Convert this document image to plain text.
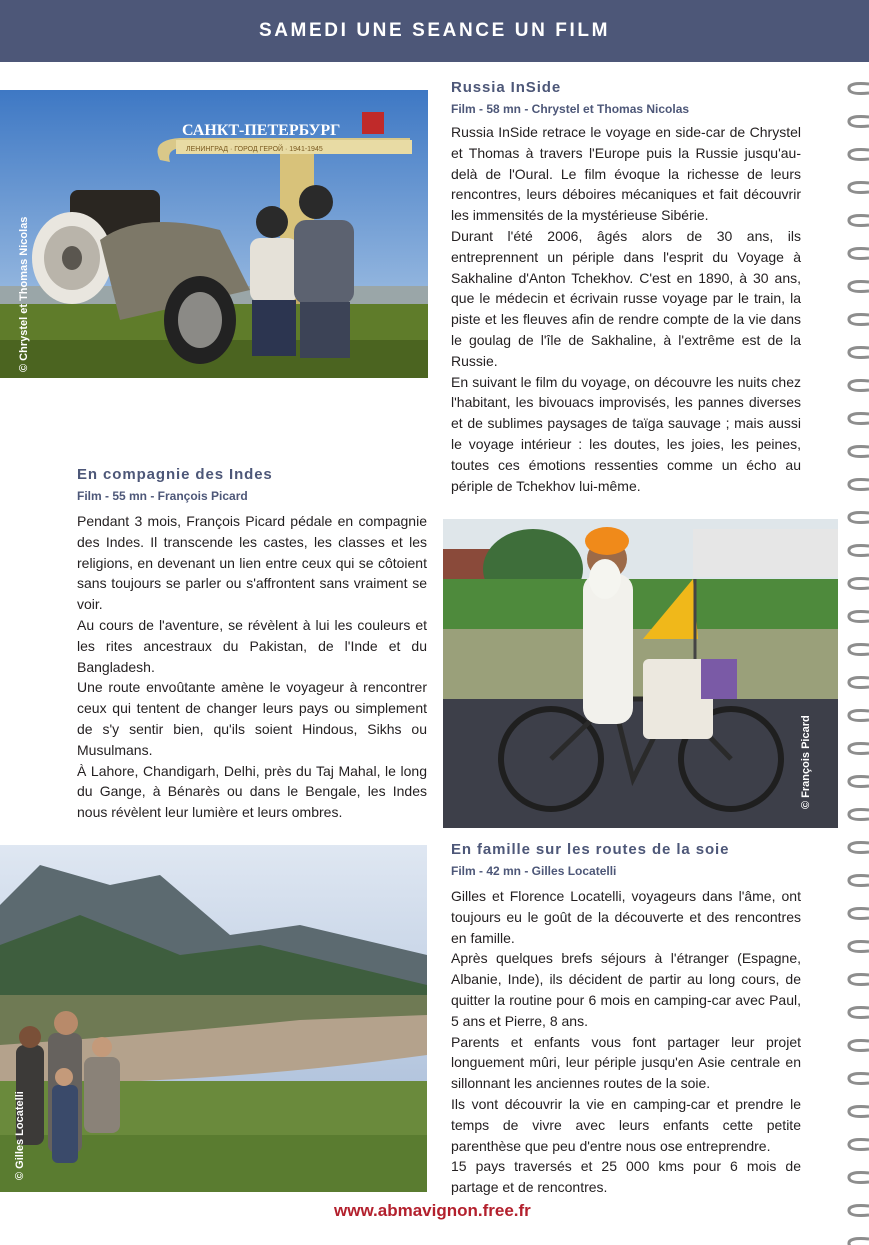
SAMEDI UNE SEANCE UN FILM
САНКТ-ПЕТЕРБУРГ
ЛЕНИНГРАД · ГОРОД ГЕРОЙ · 1941-1945
© Chrystel et Thomas Nicolas
Russia InSide
Film - 58 mn - Chrystel et Thomas Nicolas

Russia InSide retrace le voyage en side-car de Chrystel et Thomas à travers l'Europe puis la Russie jusqu'au-delà de l'Oural. Le film évoque la richesse de leurs rencontres, leurs déboires mécaniques et fait découvrir les immensités de la mystérieuse Sibérie.

Durant l'été 2006, âgés alors de 30 ans, ils entreprennent un périple dans l'esprit du Voyage à Sakhaline d'Anton Tchekhov. C'est en 1890, à 30 ans, que le médecin et écrivain russe voyage par le train, la piste et les fleuves afin de rendre compte de la vie dans le goulag de l'île de Sakhaline, à l'extrême est de la Russie.

En suivant le film du voyage, on découvre les nuits chez l'habitant, les bivouacs improvisés, les pannes diverses et de sublimes paysages de taïga sauvage ; mais aussi le voyage intérieur : les doutes, les joies, les peines, toutes ces émotions ressenties comme un écho au périple de Tchekhov lui-même.

En compagnie des Indes
Film - 55 mn - François Picard

Pendant 3 mois, François Picard pédale en compagnie des Indes. Il transcende les castes, les classes et les religions, en devenant un lien entre ceux qui se côtoient sans toujours se parler ou s'affrontent sans vraiment se voir.

Au cours de l'aventure, se révèlent à lui les couleurs et les rites ancestraux du Pakistan, de l'Inde et du Bangladesh.

Une route envoûtante amène le voyageur à rencontrer ceux qui tentent de changer leurs pays ou simplement de s'y sentir bien, qu'ils soient Hindous, Sikhs ou Musulmans.

À Lahore, Chandigarh, Delhi, près du Taj Mahal, le long du Gange, à Bénarès ou dans le Bengale, les Indes nous révèlent leur lumière et leurs ombres.

© François Picard
En famille sur les routes de la soie
Film - 42 mn - Gilles Locatelli

Gilles et Florence Locatelli, voyageurs dans l'âme, ont toujours eu le goût de la découverte et des rencontres en famille.

Après quelques brefs séjours à l'étranger (Espagne, Albanie, Inde), ils décident de partir au long cours, de quitter la routine pour 6 mois en camping-car avec Paul, 5 ans et Pierre, 8 ans.

Parents et enfants vous font partager leur projet longuement mûri, leur périple jusqu'en Asie centrale en sillonnant les anciennes routes de la soie.

Ils vont découvrir la vie en camping-car et prendre le temps de vivre avec leurs enfants cette petite parenthèse que peu d'entre nous ose entreprendre.

15 pays traversés et 25 000 kms pour 6 mois de partage et de rencontres.

© Gilles Locatelli
www.abmavignon.free.fr
